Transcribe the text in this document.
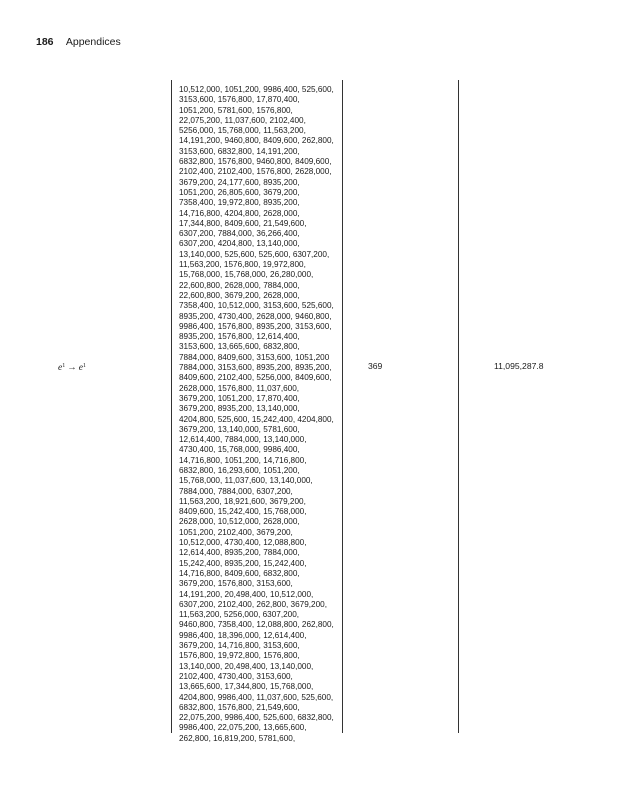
186 Appendices
$e^1 \to e^1$
10,512,000, 1051,200, 9986,400, 525,600,
3153,600, 1576,800, 17,870,400,
1051,200, 5781,600, 1576,800,
22,075,200, 11,037,600, 2102,400,
5256,000, 15,768,000, 11,563,200,
14,191,200, 9460,800, 8409,600, 262,800,
3153,600, 6832,800, 14,191,200,
6832,800, 1576,800, 9460,800, 8409,600,
2102,400, 2102,400, 1576,800, 2628,000,
3679,200, 24,177,600, 8935,200,
1051,200, 26,805,600, 3679,200,
7358,400, 19,972,800, 8935,200,
14,716,800, 4204,800, 2628,000,
17,344,800, 8409,600, 21,549,600,
6307,200, 7884,000, 36,266,400,
6307,200, 4204,800, 13,140,000,
13,140,000, 525,600, 525,600, 6307,200,
11,563,200, 1576,800, 19,972,800,
15,768,000, 15,768,000, 26,280,000,
22,600,800, 2628,000, 7884,000,
22,600,800, 3679,200, 2628,000,
7358,400, 10,512,000, 3153,600, 525,600,
8935,200, 4730,400, 2628,000, 9460,800,
9986,400, 1576,800, 8935,200, 3153,600,
8935,200, 1576,800, 12,614,400,
3153,600, 13,665,600, 6832,800,
7884,000, 8409,600, 3153,600, 1051,200
7884,000, 3153,600, 8935,200, 8935,200,
8409,600, 2102,400, 5256,000, 8409,600,
2628,000, 1576,800, 11,037,600,
3679,200, 1051,200, 17,870,400,
3679,200, 8935,200, 13,140,000,
4204,800, 525,600, 15,242,400, 4204,800,
3679,200, 13,140,000, 5781,600,
12,614,400, 7884,000, 13,140,000,
4730,400, 15,768,000, 9986,400,
14,716,800, 1051,200, 14,716,800,
6832,800, 16,293,600, 1051,200,
15,768,000, 11,037,600, 13,140,000,
7884,000, 7884,000, 6307,200,
11,563,200, 18,921,600, 3679,200,
8409,600, 15,242,400, 15,768,000,
2628,000, 10,512,000, 2628,000,
1051,200, 2102,400, 3679,200,
10,512,000, 4730,400, 12,088,800,
12,614,400, 8935,200, 7884,000,
15,242,400, 8935,200, 15,242,400,
14,716,800, 8409,600, 6832,800,
3679,200, 1576,800, 3153,600,
14,191,200, 20,498,400, 10,512,000,
6307,200, 2102,400, 262,800, 3679,200,
11,563,200, 5256,000, 6307,200,
9460,800, 7358,400, 12,088,800, 262,800,
9986,400, 18,396,000, 12,614,400,
3679,200, 14,716,800, 3153,600,
1576,800, 19,972,800, 1576,800,
13,140,000, 20,498,400, 13,140,000,
2102,400, 4730,400, 3153,600,
13,665,600, 17,344,800, 15,768,000,
4204,800, 9986,400, 11,037,600, 525,600,
6832,800, 1576,800, 21,549,600,
22,075,200, 9986,400, 525,600, 6832,800,
9986,400, 22,075,200, 13,665,600,
262,800, 16,819,200, 5781,600,
369	11,095,287.8
